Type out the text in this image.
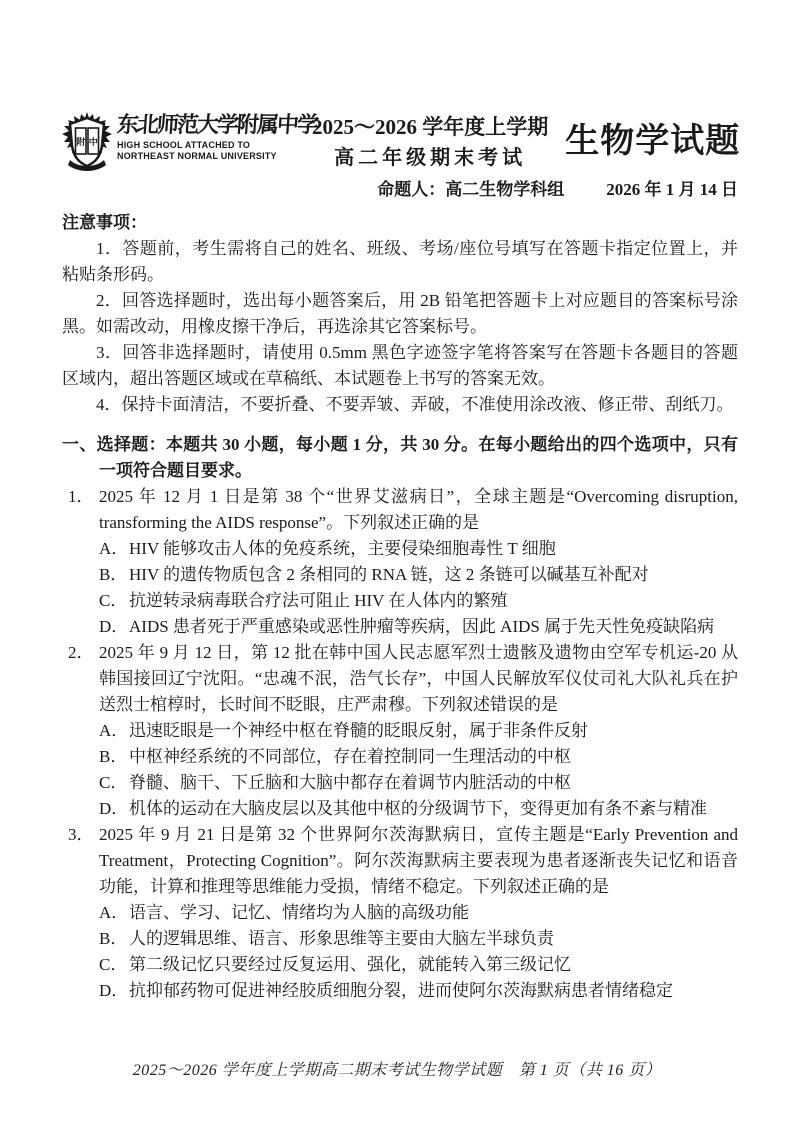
附 中
东北师范大学附属中学
HIGH SCHOOL ATTACHED TO
NORTHEAST NORMAL UNIVERSITY
2025～2026 学年度上学期
高二年级期末考试	生物学试题
命题人：高二生物学科组 2026 年 1 月 14 日
注意事项：

1．答题前，考生需将自己的姓名、班级、考场/座位号填写在答题卡指定位置上，并粘贴条形码。

2．回答选择题时，选出每小题答案后，用 2B 铅笔把答题卡上对应题目的答案标号涂黑。如需改动，用橡皮擦干净后，再选涂其它答案标号。

3．回答非选择题时，请使用 0.5mm 黑色字迹签字笔将答案写在答题卡各题目的答题区域内，超出答题区域或在草稿纸、本试题卷上书写的答案无效。

4．保持卡面清洁，不要折叠、不要弄皱、弄破，不准使用涂改液、修正带、刮纸刀。

一、选择题：本题共 30 小题，每小题 1 分，共 30 分。在每小题给出的四个选项中，只有一项符合题目要求。

1． 2025 年 12 月 1 日是第 38 个“世界艾滋病日”，全球主题是“Overcoming disruption, transforming the AIDS response”。下列叙述正确的是

A．HIV 能够攻击人体的免疫系统，主要侵染细胞毒性 T 细胞

B．HIV 的遗传物质包含 2 条相同的 RNA 链，这 2 条链可以碱基互补配对

C．抗逆转录病毒联合疗法可阻止 HIV 在人体内的繁殖

D．AIDS 患者死于严重感染或恶性肿瘤等疾病，因此 AIDS 属于先天性免疫缺陷病

2． 2025 年 9 月 12 日，第 12 批在韩中国人民志愿军烈士遗骸及遗物由空军专机运-20 从韩国接回辽宁沈阳。“忠魂不泯，浩气长存”，中国人民解放军仪仗司礼大队礼兵在护送烈士棺椁时，长时间不眨眼，庄严肃穆。下列叙述错误的是

A．迅速眨眼是一个神经中枢在脊髓的眨眼反射，属于非条件反射

B．中枢神经系统的不同部位，存在着控制同一生理活动的中枢

C．脊髓、脑干、下丘脑和大脑中都存在着调节内脏活动的中枢

D．机体的运动在大脑皮层以及其他中枢的分级调节下，变得更加有条不紊与精准

3． 2025 年 9 月 21 日是第 32 个世界阿尔茨海默病日，宣传主题是“Early Prevention and Treatment，Protecting Cognition”。阿尔茨海默病主要表现为患者逐渐丧失记忆和语音功能，计算和推理等思维能力受损，情绪不稳定。下列叙述正确的是

A．语言、学习、记忆、情绪均为人脑的高级功能

B．人的逻辑思维、语言、形象思维等主要由大脑左半球负责

C．第二级记忆只要经过反复运用、强化，就能转入第三级记忆

D．抗抑郁药物可促进神经胶质细胞分裂，进而使阿尔茨海默病患者情绪稳定

2025～2026 学年度上学期高二期末考试生物学试题　第 1 页（共 16 页）
